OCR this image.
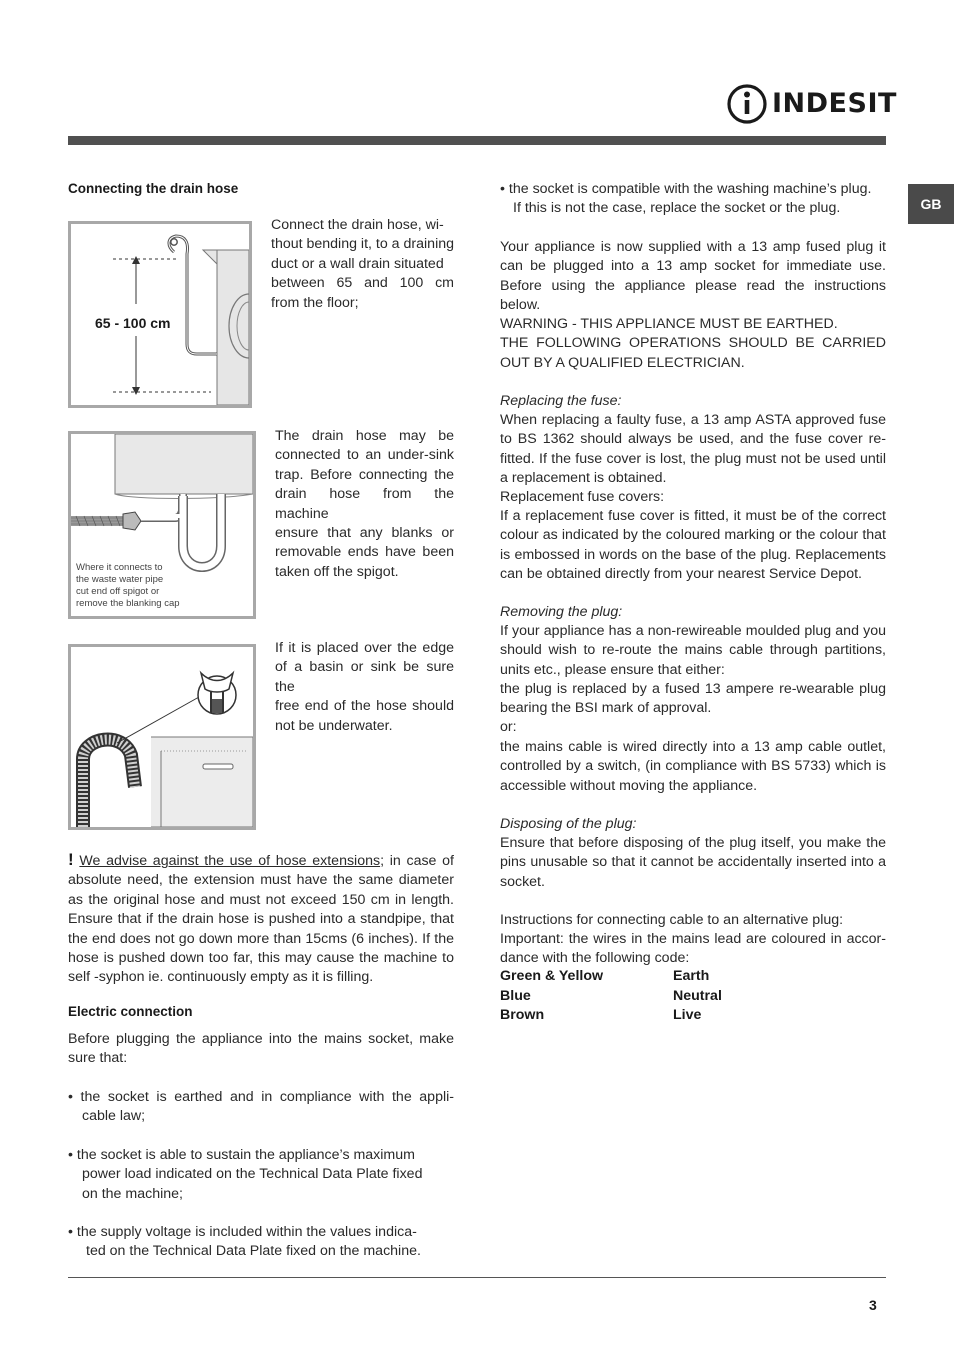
INDESIT
GB
Connecting the drain hose
65 - 100 cm
Connect the drain hose, wi-
thout bending it, to a draining
duct or a wall drain situated
between 65 and 100 cm
from the floor;
Where it connects to
the waste water pipe
cut end off spigot or
remove the blanking cap
The drain hose may be
connected to an under-sink
trap. Before connecting the
drain hose from the machine
ensure that any blanks or
removable ends have been
taken off the spigot.
If it is placed over the edge
of a basin or sink be sure the
free end of the hose should
not be underwater.
! We advise against the use of hose extensions; in case of absolute need, the extension must have the same diameter as the original hose and must not exceed 150 cm in length. Ensure that if the drain hose is pushed into a standpipe, that the end does not go down more than 15cms (6 inches). If the hose is pushed down too far, this may cause the machine to self -syphon ie. continuously empty as it is filling.
Electric connection
Before plugging the appliance into the mains socket, make sure that:
• the socket is earthed and in compliance with the appli-
cable law;
• the socket is able to sustain the appliance’s maximum
power load indicated on the Technical Data Plate fixed
on the machine;
• the supply voltage is included within the values indica-
ted on the Technical Data Plate fixed on the machine.
• the socket is compatible with the washing machine’s plug.
If this is not the case, replace the socket or the plug.
Your appliance is now supplied with a 13 amp fused plug it can be plugged into a 13 amp socket for immediate use. Before using the appliance please read the instructions below.
WARNING - THIS APPLIANCE MUST BE EARTHED.
THE FOLLOWING OPERATIONS SHOULD BE CARRIED OUT BY A QUALIFIED ELECTRICIAN.
Replacing the fuse:
When replacing a faulty fuse, a 13 amp ASTA approved fuse to BS 1362 should always be used, and the fuse cover re-fitted. If the fuse cover is lost, the plug must not be used until a replacement is obtained.
Replacement fuse covers:
If a replacement fuse cover is fitted, it must be of the correct colour as indicated by the coloured marking or the colour that is embossed in words on the base of the plug. Replacements can be obtained directly from your nearest Service Depot.
Removing the plug:
If your appliance has a non-rewireable moulded plug and you should wish to re-route the mains cable through partitions, units etc., please ensure that either:
the plug is replaced by a fused 13 ampere re-wearable plug bearing the BSI mark of approval.
or:
the mains cable is wired directly into a 13 amp cable outlet, controlled by a switch, (in compliance with BS 5733) which is accessible without moving the appliance.
Disposing of the plug:
Ensure that before disposing of the plug itself, you make the pins unusable so that it cannot be accidentally inserted into a socket.
Instructions for connecting cable to an alternative plug:
Important: the wires in the mains lead are coloured in accor-dance with the following code:
Green & Yellow	Earth
Blue	Neutral
Brown	Live
3
